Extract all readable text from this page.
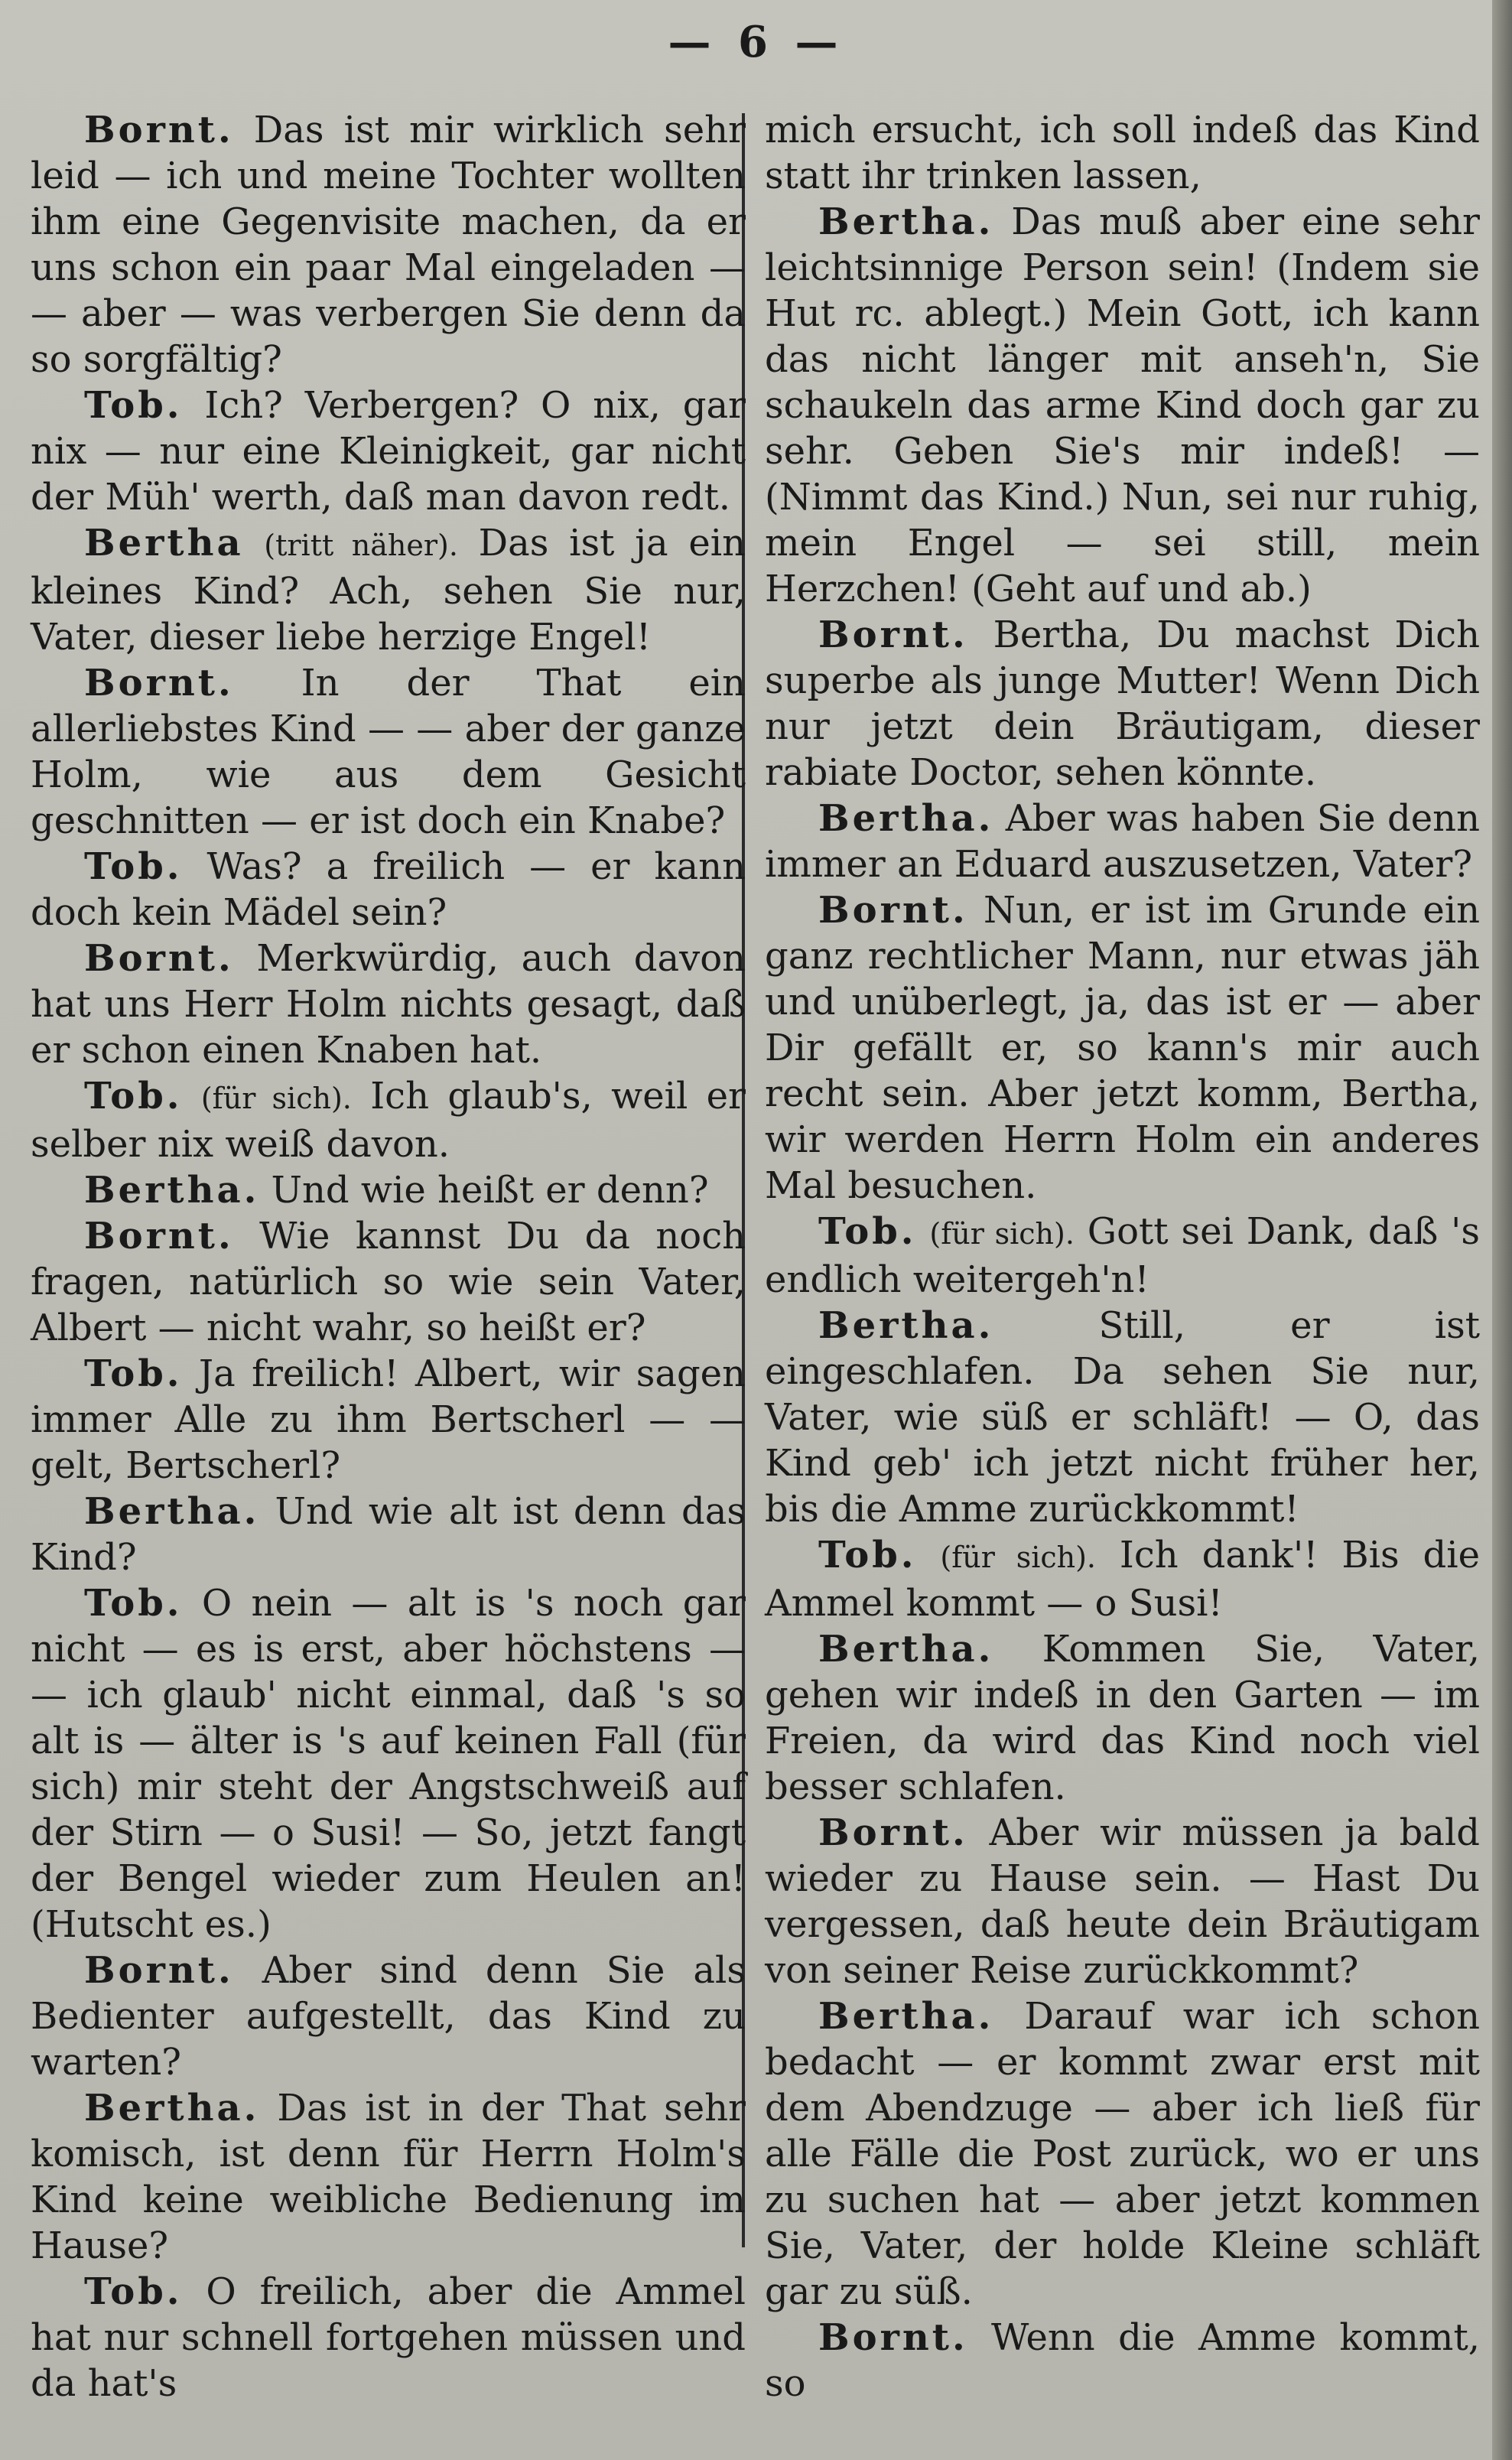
— 6 —

Bornt. Das ist mir wirklich sehr leid — ich und meine Tochter wollten ihm eine Gegenvisite machen, da er uns schon ein paar Mal eingeladen — — aber — was verbergen Sie denn da so sorgfältig?

Tob. Ich? Verbergen? O nix, gar nix — nur eine Kleinigkeit, gar nicht der Müh' werth, daß man davon redt.

Bertha (tritt näher). Das ist ja ein kleines Kind? Ach, sehen Sie nur, Vater, dieser liebe herzige Engel!

Bornt. In der That ein allerliebstes Kind — — aber der ganze Holm, wie aus dem Gesicht geschnitten — er ist doch ein Knabe?

Tob. Was? a freilich — er kann doch kein Mädel sein?

Bornt. Merkwürdig, auch davon hat uns Herr Holm nichts gesagt, daß er schon einen Knaben hat.

Tob. (für sich). Ich glaub's, weil er selber nix weiß davon.

Bertha. Und wie heißt er denn?

Bornt. Wie kannst Du da noch fragen, natürlich so wie sein Vater, Albert — nicht wahr, so heißt er?

Tob. Ja freilich! Albert, wir sagen immer Alle zu ihm Bertscherl — — gelt, Bertscherl?

Bertha. Und wie alt ist denn das Kind?

Tob. O nein — alt is 's noch gar nicht — es is erst, aber höchstens — — ich glaub' nicht einmal, daß 's so alt is — älter is 's auf keinen Fall (für sich) mir steht der Angstschweiß auf der Stirn — o Susi! — So, jetzt fangt der Bengel wieder zum Heulen an! (Hutscht es.)

Bornt. Aber sind denn Sie als Bedienter aufgestellt, das Kind zu warten?

Bertha. Das ist in der That sehr komisch, ist denn für Herrn Holm's Kind keine weibliche Bedienung im Hause?

Tob. O freilich, aber die Ammel hat nur schnell fortgehen müssen und da hat's

mich ersucht, ich soll indeß das Kind statt ihr trinken lassen,

Bertha. Das muß aber eine sehr leichtsinnige Person sein! (Indem sie Hut rc. ablegt.) Mein Gott, ich kann das nicht länger mit anseh'n, Sie schaukeln das arme Kind doch gar zu sehr. Geben Sie's mir indeß! — (Nimmt das Kind.) Nun, sei nur ruhig, mein Engel — sei still, mein Herzchen! (Geht auf und ab.)

Bornt. Bertha, Du machst Dich superbe als junge Mutter! Wenn Dich nur jetzt dein Bräutigam, dieser rabiate Doctor, sehen könnte.

Bertha. Aber was haben Sie denn immer an Eduard auszusetzen, Vater?

Bornt. Nun, er ist im Grunde ein ganz rechtlicher Mann, nur etwas jäh und unüberlegt, ja, das ist er — aber Dir gefällt er, so kann's mir auch recht sein. Aber jetzt komm, Bertha, wir werden Herrn Holm ein anderes Mal besuchen.

Tob. (für sich). Gott sei Dank, daß 's endlich weitergeh'n!

Bertha. Still, er ist eingeschlafen. Da sehen Sie nur, Vater, wie süß er schläft! — O, das Kind geb' ich jetzt nicht früher her, bis die Amme zurückkommt!

Tob. (für sich). Ich dank'! Bis die Ammel kommt — o Susi!

Bertha. Kommen Sie, Vater, gehen wir indeß in den Garten — im Freien, da wird das Kind noch viel besser schlafen.

Bornt. Aber wir müssen ja bald wieder zu Hause sein. — Hast Du vergessen, daß heute dein Bräutigam von seiner Reise zurückkommt?

Bertha. Darauf war ich schon bedacht — er kommt zwar erst mit dem Abendzuge — aber ich ließ für alle Fälle die Post zurück, wo er uns zu suchen hat — aber jetzt kommen Sie, Vater, der holde Kleine schläft gar zu süß.

Bornt. Wenn die Amme kommt, so
